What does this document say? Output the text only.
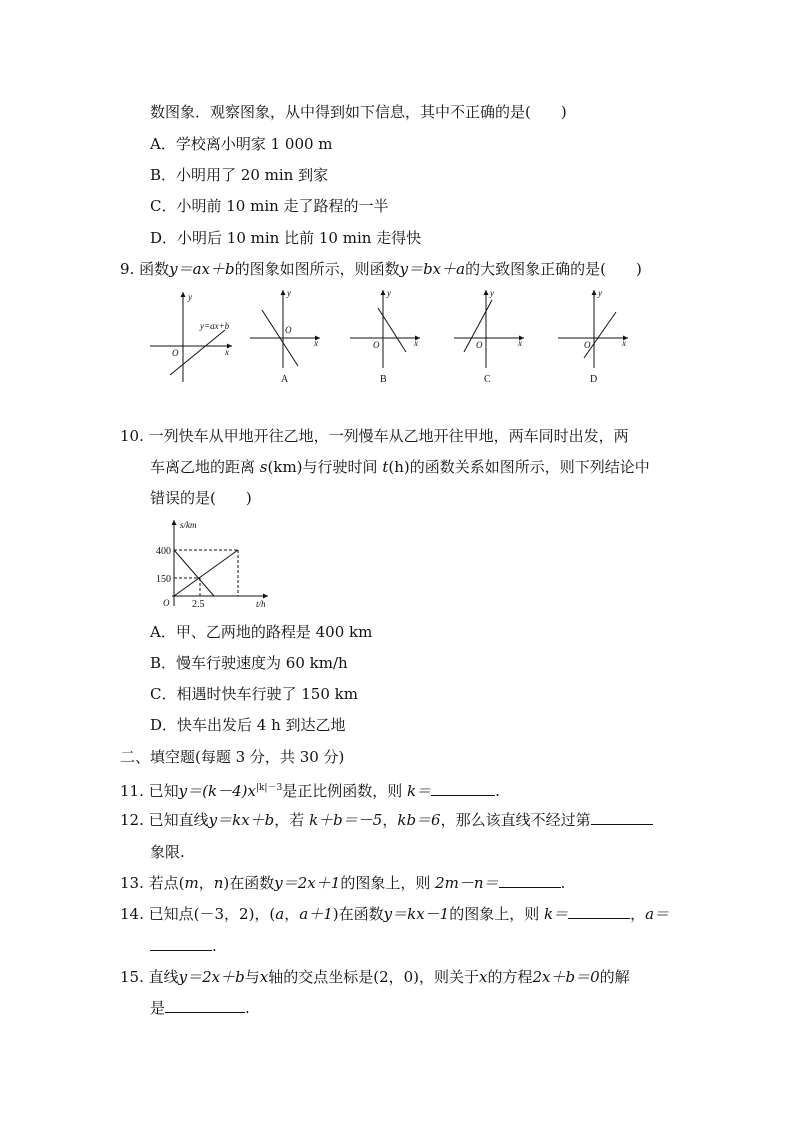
数图象．观察图象，从中得到如下信息，其中不正确的是(　　)
A．学校离小明家 1 000 m
B．小明用了 20 min 到家
C．小明前 10 min 走了路程的一半
D．小明后 10 min 比前 10 min 走得快
9. 函数y＝ax＋b的图象如图所示，则函数y＝bx＋a的大致图象正确的是(　　)
y
y=ax+b
O	x
y
O
x
A
y
O	x
B
y
O	x
C
y
O	x
D
10. 一列快车从甲地开往乙地，一列慢车从乙地开往甲地，两车同时出发，两
车离乙地的距离 s(km)与行驶时间 t(h)的函数关系如图所示，则下列结论中
错误的是(　　)
s/km
400
150
O 2.5	t/h
A．甲、乙两地的路程是 400 km
B．慢车行驶速度为 60 km/h
C．相遇时快车行驶了 150 km
D．快车出发后 4 h 到达乙地
二、填空题(每题 3 分，共 30 分)
11. 已知$y=(k-4)x^{|k|-3}$是正比例函数，则 k＝	.
12. 已知直线y＝kx＋b，若 k＋b＝－5，kb＝6，那么该直线不经过第
象限.
13. 若点(m，n)在函数y＝2x＋1的图象上，则 2m－n＝	.
14. 已知点(－3，2)，(a，a＋1)在函数y＝kx－1的图象上，则 k＝	，a＝
.
15. 直线y＝2x＋b与x轴的交点坐标是(2，0)，则关于x的方程2x＋b＝0的解
是	.
